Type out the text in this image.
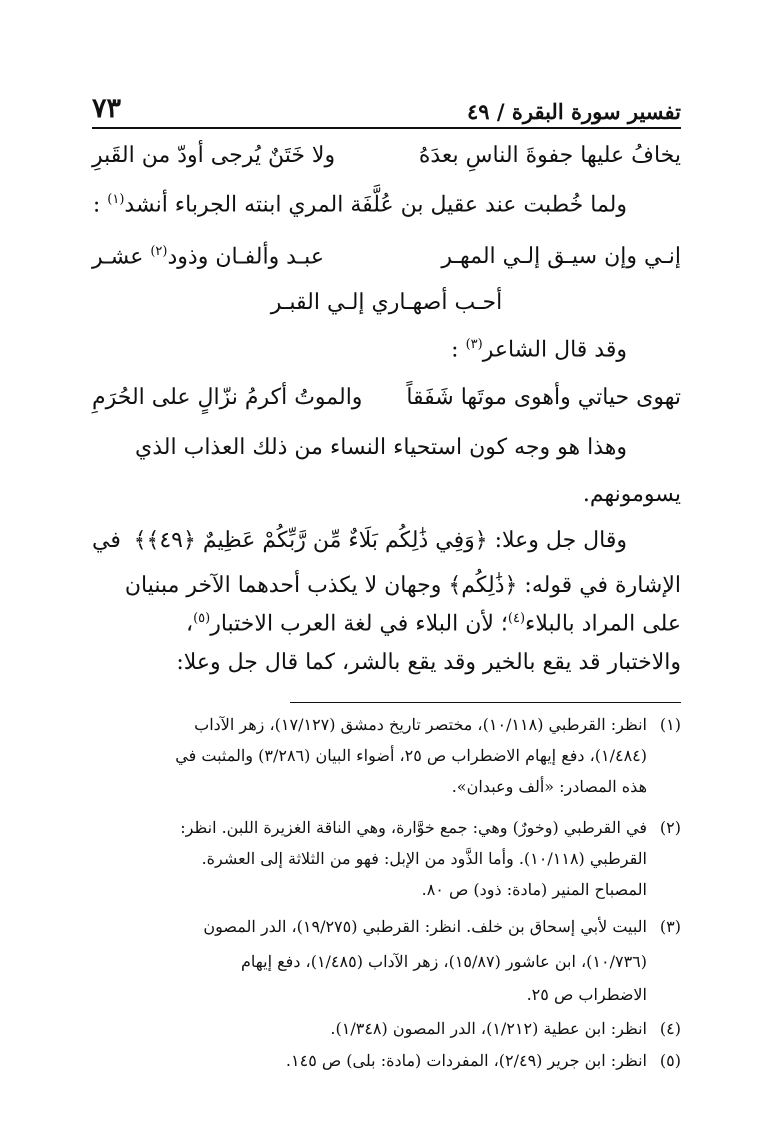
تفسير سورة البقرة / ٤٩
٧٣
يخافُ عليها جفوةَ الناسِ بعدَهُ
ولا خَتَنٌ يُرجى أودّ من القَبرِ
ولما خُطبت عند عقيل بن عُلَّفَة المري ابنته الجرباء أنشد$^{(١)}$ :
إنـي وإن سيـق إلـي المهـر
عبـد وألفـان وذود$^{(٢)}$ عشـر
أحـب أصهـاري إلـي القبـر
وقد قال الشاعر$^{(٣)}$ :
تهوى حياتي وأهوى موتَها شَفَقاً
والموتُ أكرمُ نزّالٍ على الحُرَمِ
وهذا هو وجه كون استحياء النساء من ذلك العذاب الذي
يسومونهم.
وقال جل وعلا: ﴿وَفِي ذَٰلِكُم بَلَاءٌ مِّن رَّبِّكُمْ عَظِيمٌ ﴿٤٩﴾﴾
في
الإشارة في قوله: ﴿ذَٰلِكُم﴾ وجهان لا يكذب أحدهما الآخر مبنيان
على المراد بالبلاء$^{(٤)}$؛ لأن البلاء في لغة العرب الاختبار$^{(٥)}$،
والاختبار قد يقع بالخير وقد يقع بالشر، كما قال جل وعلا:
(١)انظر: القرطبي (١٠/١١٨)، مختصر تاريخ دمشق (١٧/١٢٧)، زهر الآداب
(١/٤٨٤)، دفع إيهام الاضطراب ص ٢٥، أضواء البيان (٣/٢٨٦) والمثبت في
هذه المصادر: «ألف وعبدان».
(٢)في القرطبي (وخورٌ) وهي: جمع خوَّارة، وهي الناقة الغزيرة اللبن. انظر:
القرطبي (١٠/١١٨). وأما الذَّود من الإبل: فهو من الثلاثة إلى العشرة.
المصباح المنير (مادة: ذود) ص ٨٠.
(٣)البيت لأبي إسحاق بن خلف. انظر: القرطبي (١٩/٢٧٥)، الدر المصون
(١٠/٧٣٦)، ابن عاشور (١٥/٨٧)، زهر الآداب (١/٤٨٥)، دفع إيهام
الاضطراب ص ٢٥.
(٤)انظر: ابن عطية (١/٢١٢)، الدر المصون (١/٣٤٨).
(٥)انظر: ابن جرير (٢/٤٩)، المفردات (مادة: بلى) ص ١٤٥.
